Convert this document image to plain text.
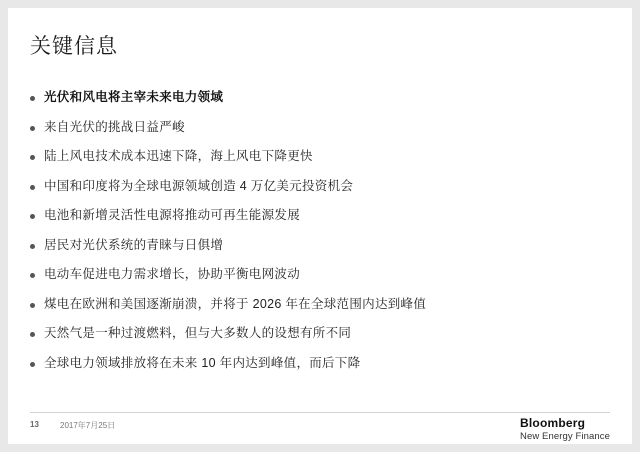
关键信息
光伏和风电将主宰未来电力领域
来自光伏的挑战日益严峻
陆上风电技术成本迅速下降，海上风电下降更快
中国和印度将为全球电源领域创造 4 万亿美元投资机会
电池和新增灵活性电源将推动可再生能源发展
居民对光伏系统的青睐与日俱增
电动车促进电力需求增长，协助平衡电网波动
煤电在欧洲和美国逐渐崩溃，并将于 2026 年在全球范围内达到峰值
天然气是一种过渡燃料，但与大多数人的设想有所不同
全球电力领域排放将在未来 10 年内达到峰值，而后下降
13	2017年7月25日	Bloomberg
New Energy Finance
